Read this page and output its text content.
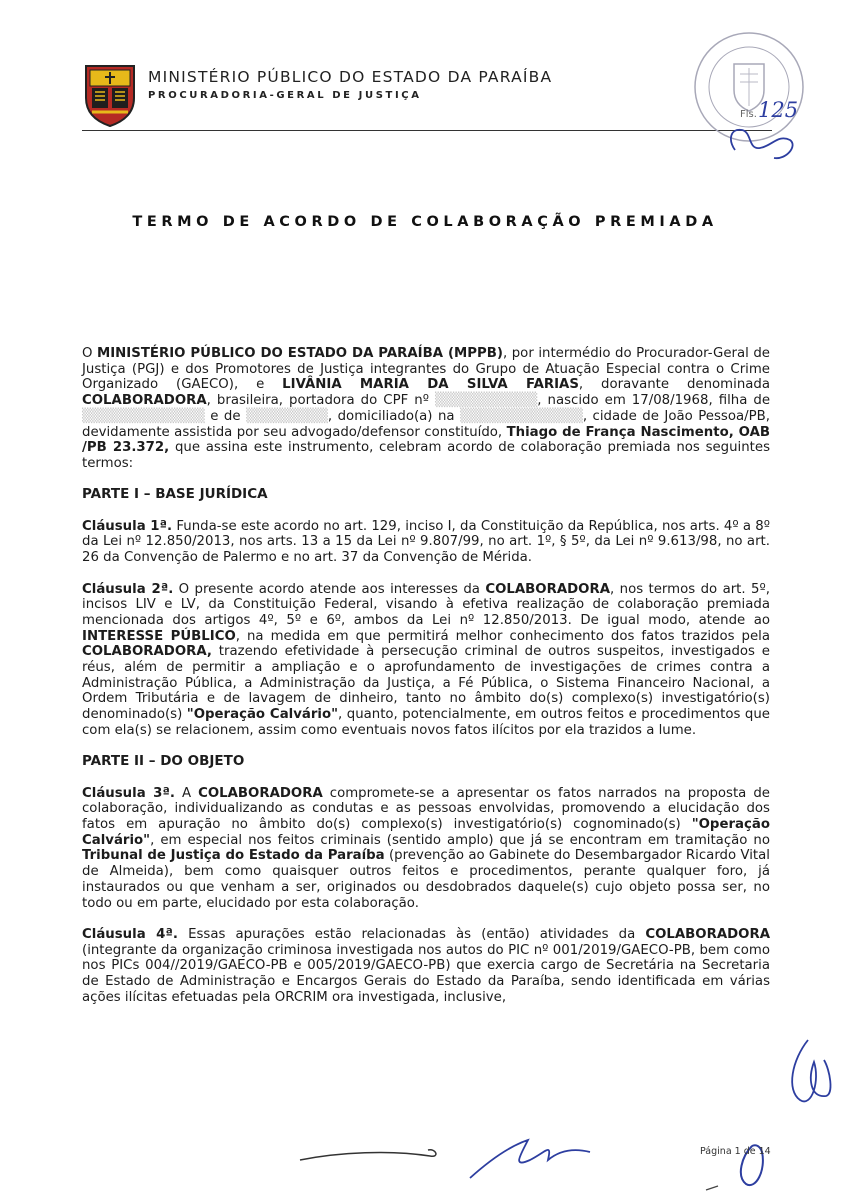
MINISTÉRIO PÚBLICO DO ESTADO DA PARAÍBA
PROCURADORIA-GERAL DE JUSTIÇA
Fls. 125
TERMO DE ACORDO DE COLABORAÇÃO PREMIADA

O MINISTÉRIO PÚBLICO DO ESTADO DA PARAÍBA (MPPB), por intermédio do Procurador-Geral de Justiça (PGJ) e dos Promotores de Justiça integrantes do Grupo de Atuação Especial contra o Crime Organizado (GAECO), e LIVÂNIA MARIA DA SILVA FARIAS, doravante denominada COLABORADORA, brasileira, portadora do CPF nº ▒▒▒▒▒▒▒▒▒▒, nascido em 17/08/1968, filha de ▒▒▒▒▒▒▒▒▒▒▒▒ e de ▒▒▒▒▒▒▒▒, domiciliado(a) na ▒▒▒▒▒▒▒▒▒▒▒▒, cidade de João Pessoa/PB, devidamente assistida por seu advogado/defensor constituído, Thiago de França Nascimento, OAB /PB 23.372, que assina este instrumento, celebram acordo de colaboração premiada nos seguintes termos:

PARTE I – BASE JURÍDICA

Cláusula 1ª. Funda-se este acordo no art. 129, inciso I, da Constituição da República, nos arts. 4º a 8º da Lei nº 12.850/2013, nos arts. 13 a 15 da Lei nº 9.807/99, no art. 1º, § 5º, da Lei nº 9.613/98, no art. 26 da Convenção de Palermo e no art. 37 da Convenção de Mérida.

Cláusula 2ª. O presente acordo atende aos interesses da COLABORADORA, nos termos do art. 5º, incisos LIV e LV, da Constituição Federal, visando à efetiva realização de colaboração premiada mencionada dos artigos 4º, 5º e 6º, ambos da Lei nº 12.850/2013. De igual modo, atende ao INTERESSE PÚBLICO, na medida em que permitirá melhor conhecimento dos fatos trazidos pela COLABORADORA, trazendo efetividade à persecução criminal de outros suspeitos, investigados e réus, além de permitir a ampliação e o aprofundamento de investigações de crimes contra a Administração Pública, a Administração da Justiça, a Fé Pública, o Sistema Financeiro Nacional, a Ordem Tributária e de lavagem de dinheiro, tanto no âmbito do(s) complexo(s) investigatório(s) denominado(s) "Operação Calvário", quanto, potencialmente, em outros feitos e procedimentos que com ela(s) se relacionem, assim como eventuais novos fatos ilícitos por ela trazidos a lume.

PARTE II – DO OBJETO

Cláusula 3ª. A COLABORADORA compromete-se a apresentar os fatos narrados na proposta de colaboração, individualizando as condutas e as pessoas envolvidas, promovendo a elucidação dos fatos em apuração no âmbito do(s) complexo(s) investigatório(s) cognominado(s) "Operação Calvário", em especial nos feitos criminais (sentido amplo) que já se encontram em tramitação no Tribunal de Justiça do Estado da Paraíba (prevenção ao Gabinete do Desembargador Ricardo Vital de Almeida), bem como quaisquer outros feitos e procedimentos, perante qualquer foro, já instaurados ou que venham a ser, originados ou desdobrados daquele(s) cujo objeto possa ser, no todo ou em parte, elucidado por esta colaboração.

Cláusula 4ª. Essas apurações estão relacionadas às (então) atividades da COLABORADORA (integrante da organização criminosa investigada nos autos do PIC nº 001/2019/GAECO-PB, bem como nos PICs 004//2019/GAECO-PB e 005/2019/GAECO-PB) que exercia cargo de Secretária na Secretaria de Estado de Administração e Encargos Gerais do Estado da Paraíba, sendo identificada em várias ações ilícitas efetuadas pela ORCRIM ora investigada, inclusive,

Página 1 de 14
